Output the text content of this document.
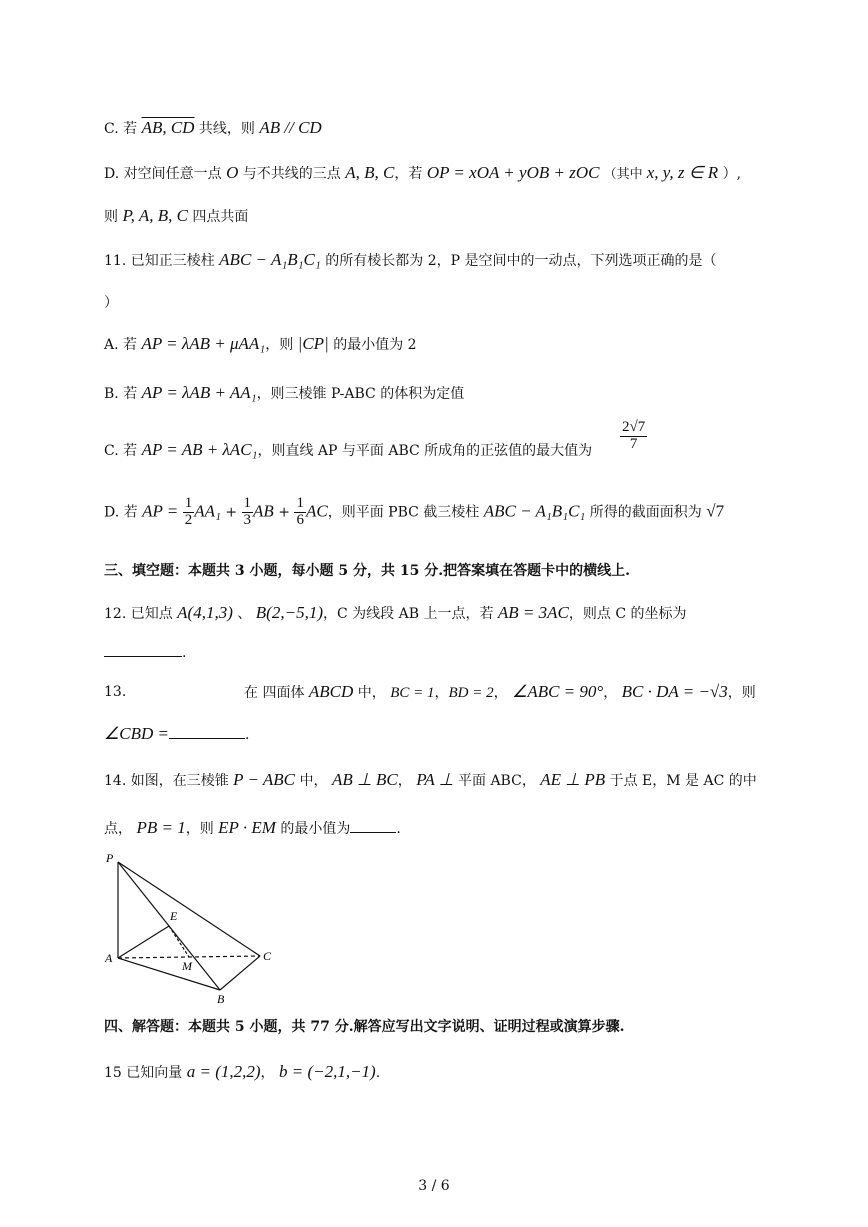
C. 若 AB, CD 共线，则 AB // CD
D. 对空间任意一点 O 与不共线的三点 A, B, C，若 OP = xOA + yOB + zOC （其中 x, y, z ∈ R ）,
则 P, A, B, C 四点共面
11. 已知正三棱柱 ABC − A₁B₁C₁ 的所有棱长都为 2，P 是空间中的一动点，下列选项正确的是（
）
A. 若 AP = λAB + μAA₁，则 |CP| 的最小值为 2
B. 若 AP = λAB + AA₁，则三棱锥 P-ABC 的体积为定值
C. 若 AP = AB + λAC₁，则直线 AP 与平面 ABC 所成角的正弦值的最大值为 $\frac{2√7}{7}$
D. 若 AP = $\frac{1}{2} AA_1 + \frac{1}{3}$ AB + $\frac{1}{6}$ AC，则平面 PBC 截三棱柱 ABC − A₁B₁C₁ 所得的截面面积为 √7
三、填空题：本题共 3 小题，每小题 5 分，共 15 分.把答案填在答题卡中的横线上.
12. 已知点 A(4,1,3) 、 B(2,−5,1)，C 为线段 AB 上一点，若 AB = 3AC，则点 C 的坐标为
.
13.	在 四面体 ABCD 中， BC = 1，BD = 2， ∠ABC = 90°， BC · DA = −√3，则
∠CBD =	.
14. 如图，在三棱锥 P − ABC 中， AB ⊥ BC， PA ⊥ 平面 ABC， AE ⊥ PB 于点 E，M 是 AC 的中
点， PB = 1，则 EP · EM 的最小值为	.
P
E
A
M
C
B
四、解答题：本题共 5 小题，共 77 分.解答应写出文字说明、证明过程或演算步骤.
15 已知向量 a = (1,2,2)， b = (−2,1,−1).
3 / 6
